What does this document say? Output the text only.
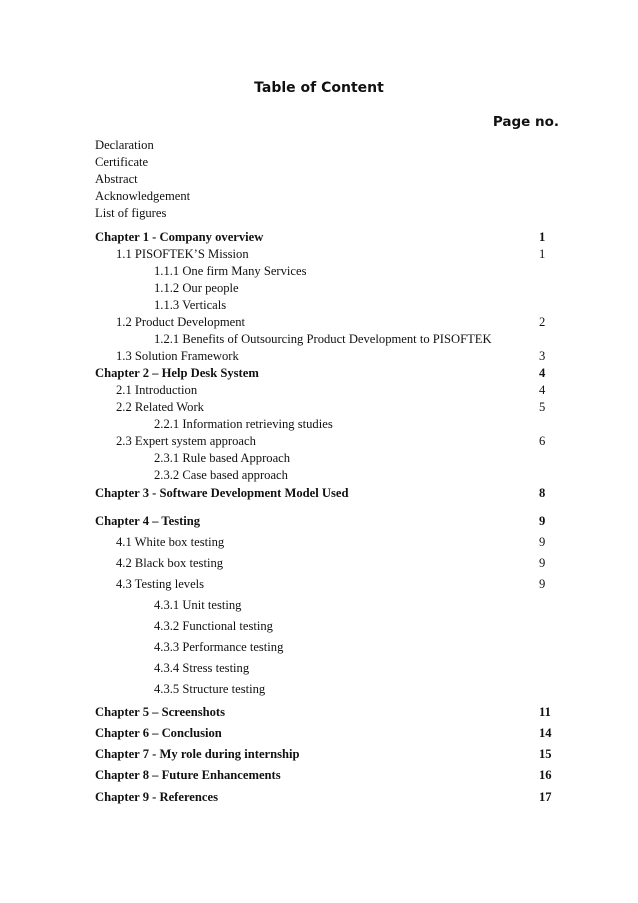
Table of Content
Page no.
Declaration
Certificate
Abstract
Acknowledgement
List of figures
Chapter 1 - Company overview	1
1.1 PISOFTEK’S Mission	1
1.1.1 One firm Many Services
1.1.2 Our people
1.1.3 Verticals
1.2 Product Development	2
1.2.1 Benefits of Outsourcing Product Development to PISOFTEK
1.3 Solution Framework	3
Chapter 2 – Help Desk System	4
2.1 Introduction	4
2.2 Related Work	5
2.2.1 Information retrieving studies
2.3 Expert system approach	6
2.3.1 Rule based Approach
2.3.2 Case based approach
Chapter 3 - Software Development Model Used	8
Chapter 4 – Testing	9
4.1 White box testing	9
4.2 Black box testing	9
4.3 Testing levels	9
4.3.1 Unit testing
4.3.2 Functional testing
4.3.3 Performance testing
4.3.4 Stress testing
4.3.5 Structure testing
Chapter 5 – Screenshots	11
Chapter 6 – Conclusion	14
Chapter 7 - My role during internship	15
Chapter 8 – Future Enhancements	16
Chapter 9 - References	17
